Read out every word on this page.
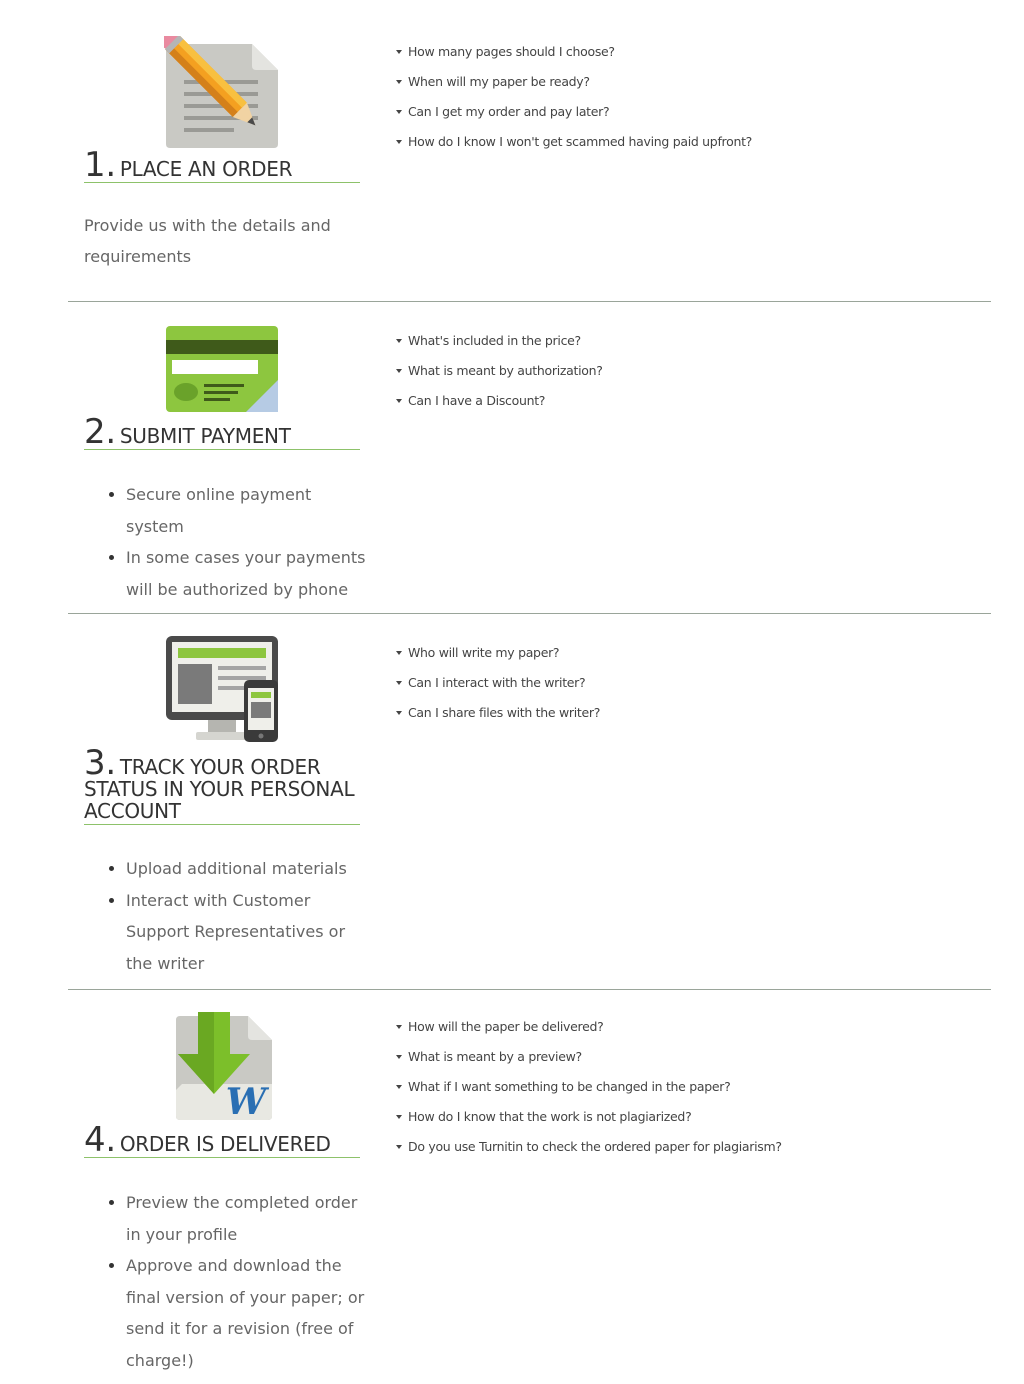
1. PLACE AN ORDER

Provide us with the details and requirements

How many pages should I choose?
When will my paper be ready?
Can I get my order and pay later?
How do I know I won't get scammed having paid upfront?
2. SUBMIT PAYMENT
• Secure online payment system
• In some cases your payments will be authorized by phone
What's included in the price?
What is meant by authorization?
Can I have a Discount?
3. TRACK YOUR ORDER STATUS IN YOUR PERSONAL ACCOUNT
• Upload additional materials
• Interact with Customer Support Representatives or the writer
Who will write my paper?
Can I interact with the writer?
Can I share files with the writer?
W
4. ORDER IS DELIVERED
• Preview the completed order in your profile
• Approve and download the final version of your paper; or send it for a revision (free of charge!)
How will the paper be delivered?
What is meant by a preview?
What if I want something to be changed in the paper?
How do I know that the work is not plagiarized?
Do you use Turnitin to check the ordered paper for plagiarism?
